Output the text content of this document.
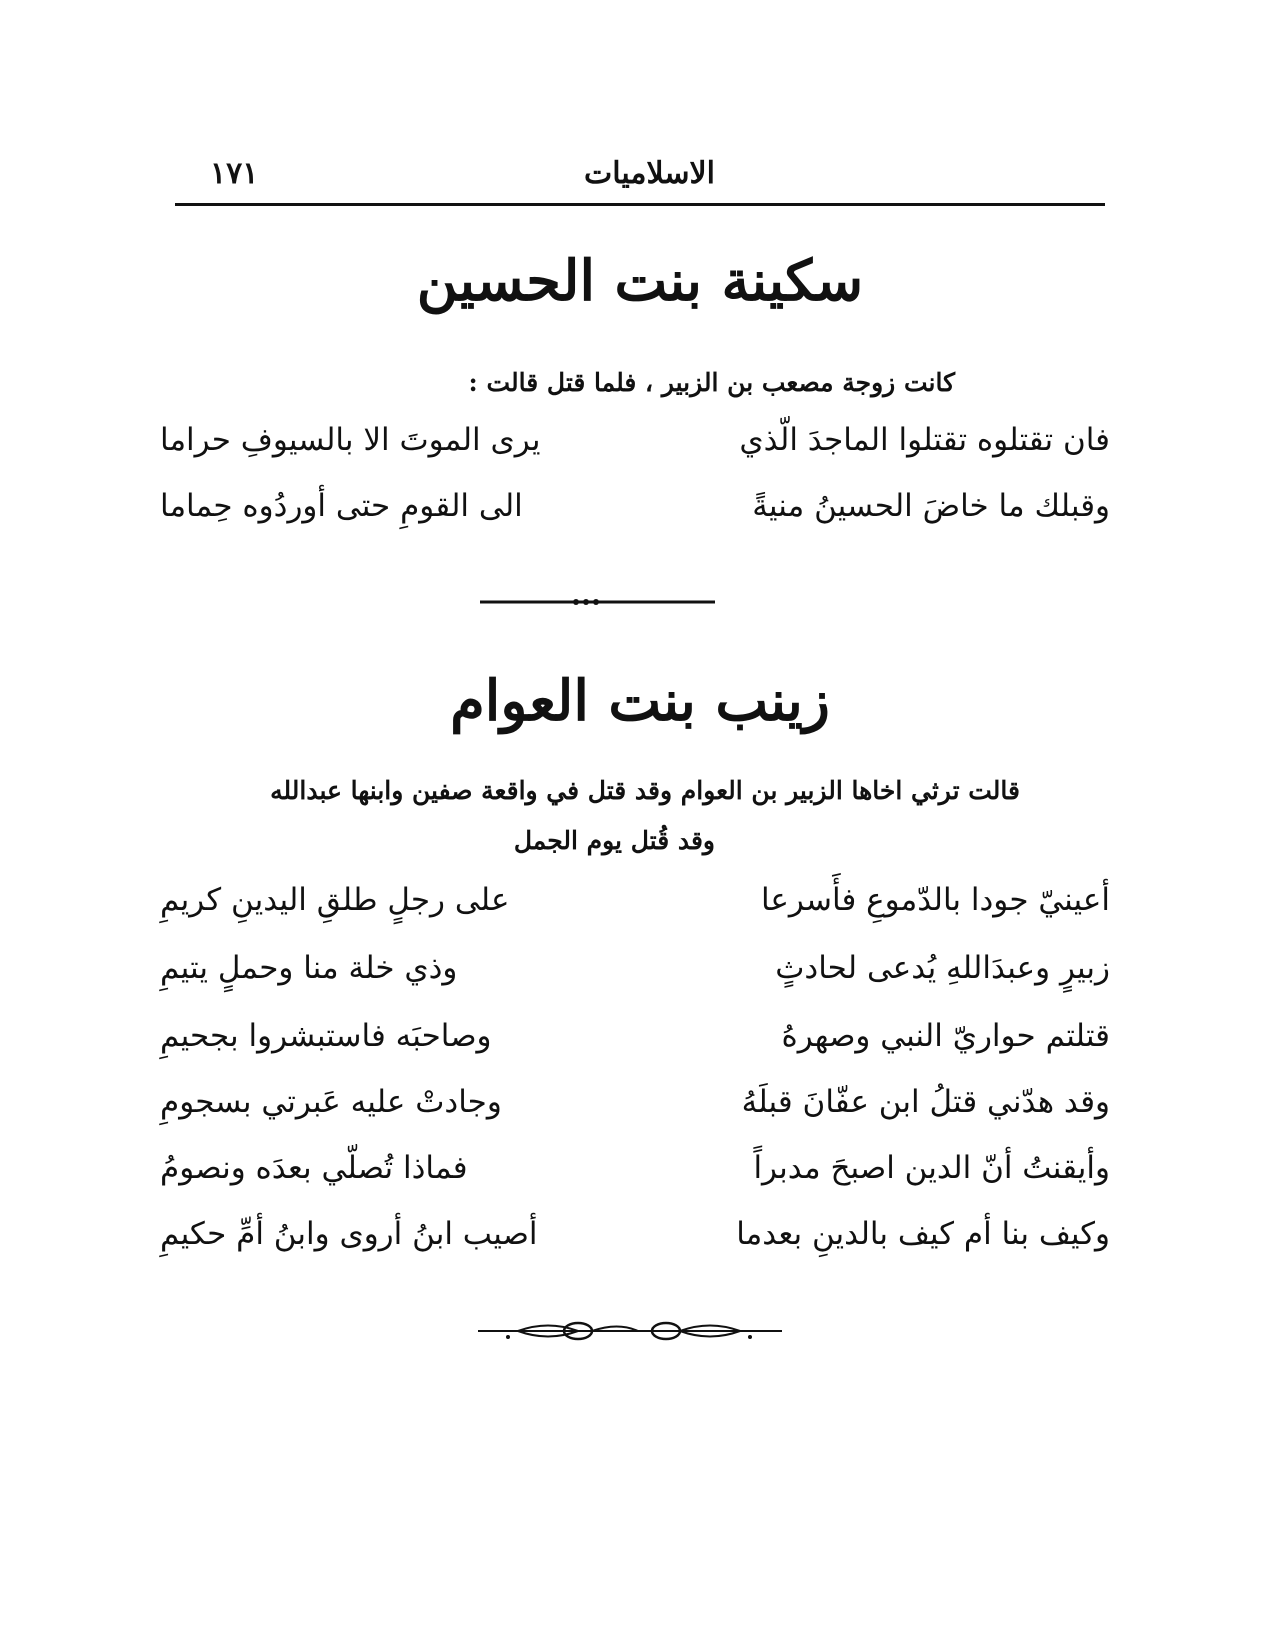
الاسلاميات
١٧١
سكينة بنت الحسين
كانت زوجة مصعب بن الزبير ، فلما قتل قالت :
فان تقتلوه تقتلوا الماجدَ الّذي
يرى الموتَ الا بالسيوفِ حراما
وقبلك ما خاضَ الحسينُ منيةً
الى القومِ حتى أوردُوه حِماما
زينب بنت العوام
قالت ترثي اخاها الزبير بن العوام وقد قتل في واقعة صفين وابنها عبدالله
وقد قُتل يوم الجمل
أعينيّ جودا بالدّموعِ فأَسرعا
على رجلٍ طلقِ اليدينِ كريمِ
زبيرٍ وعبدَاللهِ يُدعى لحادثٍ
وذي خلة منا وحملٍ يتيمِ
قتلتم حواريّ النبي وصهرهُ
وصاحبَه فاستبشروا بجحيمِ
وقد هدّني قتلُ ابن عفّانَ قبلَهُ
وجادتْ عليه عَبرتي بسجومِ
وأيقنتُ أنّ الدين اصبحَ مدبراً
فماذا تُصلّي بعدَه ونصومُ
وكيف بنا أم كيف بالدينِ بعدما
أصيب ابنُ أروى وابنُ أمِّ حكيمِ
